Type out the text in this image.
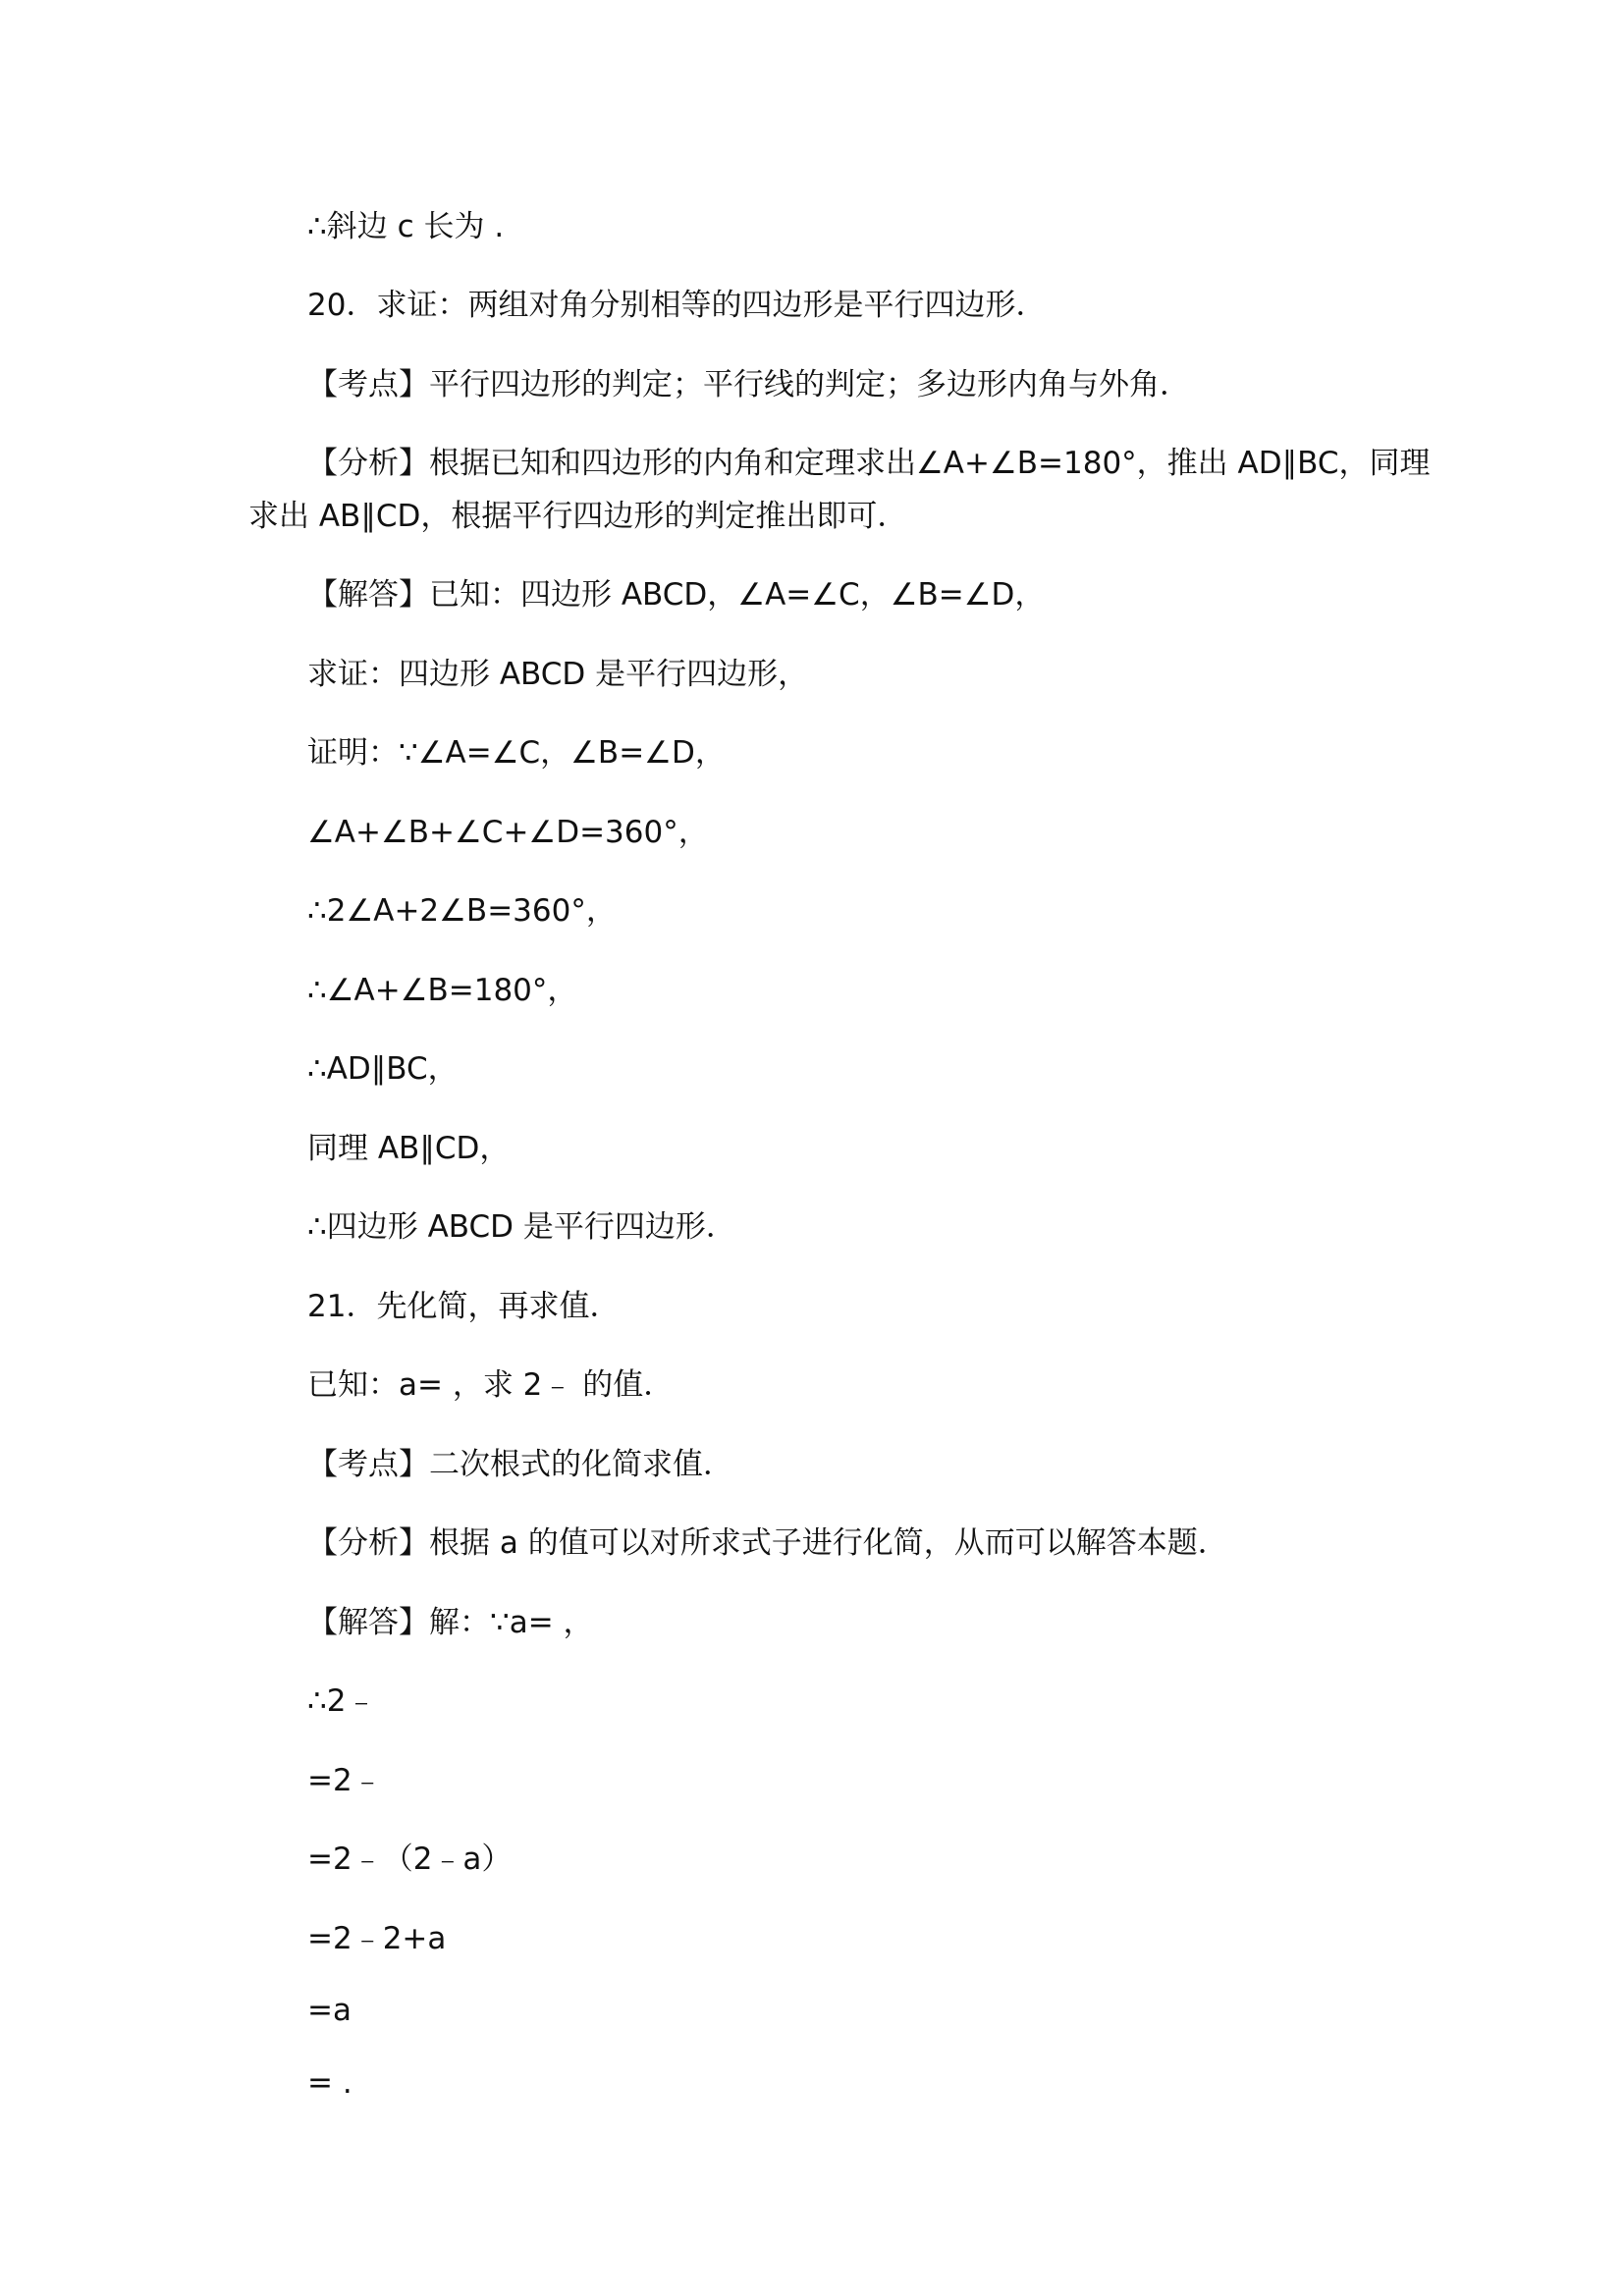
∴斜边 c 长为 .
20．求证：两组对角分别相等的四边形是平行四边形．
【考点】平行四边形的判定；平行线的判定；多边形内角与外角．
【分析】根据已知和四边形的内角和定理求出∠A+∠B=180°，推出 AD∥BC，同理
求出 AB∥CD，根据平行四边形的判定推出即可．
【解答】已知：四边形 ABCD，∠A=∠C，∠B=∠D，
求证：四边形 ABCD 是平行四边形，
证明：∵∠A=∠C，∠B=∠D，
∠A+∠B+∠C+∠D=360°，
∴2∠A+2∠B=360°，
∴∠A+∠B=180°，
∴AD∥BC，
同理 AB∥CD，
∴四边形 ABCD 是平行四边形．
21．先化简，再求值．
已知：a= ，求 2﹣ 的值．
【考点】二次根式的化简求值．
【分析】根据 a 的值可以对所求式子进行化简，从而可以解答本题．
【解答】解：∵a= ，
∴2﹣
=2﹣
=2﹣（2﹣a）
=2﹣2+a
=a
= .
